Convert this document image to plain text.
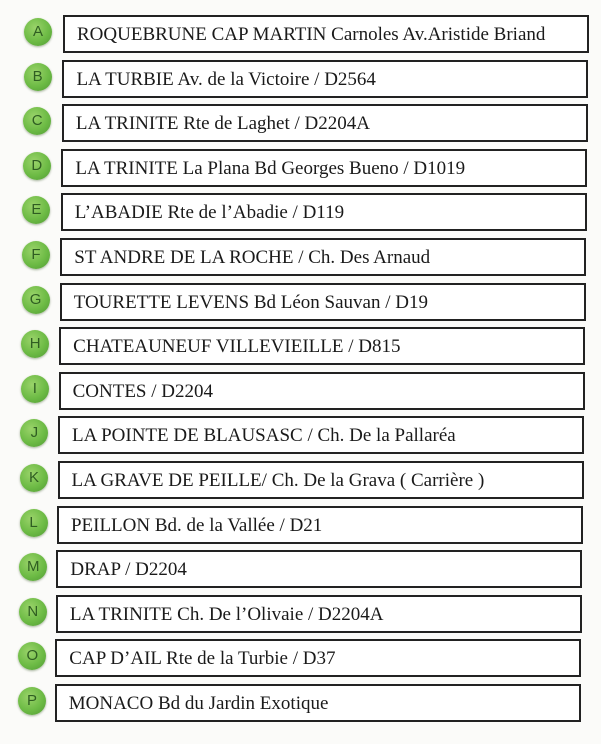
A	ROQUEBRUNE CAP MARTIN Carnoles Av.Aristide Briand
B	LA TURBIE Av. de la Victoire / D2564
C	LA TRINITE Rte de Laghet / D2204A
D	LA TRINITE La Plana Bd Georges Bueno / D1019
E	L’ABADIE Rte de l’Abadie / D119
F	ST ANDRE DE LA ROCHE / Ch. Des Arnaud
G	TOURETTE LEVENS Bd Léon Sauvan / D19
H	CHATEAUNEUF VILLEVIEILLE / D815
I	CONTES / D2204
J	LA POINTE DE BLAUSASC / Ch. De la Pallaréa
K	LA GRAVE DE PEILLE/ Ch. De la Grava ( Carrière )
L	PEILLON Bd. de la Vallée / D21
M	DRAP / D2204
N	LA TRINITE Ch. De l’Olivaie / D2204A
O	CAP D’AIL Rte de la Turbie / D37
P	MONACO Bd du Jardin Exotique
